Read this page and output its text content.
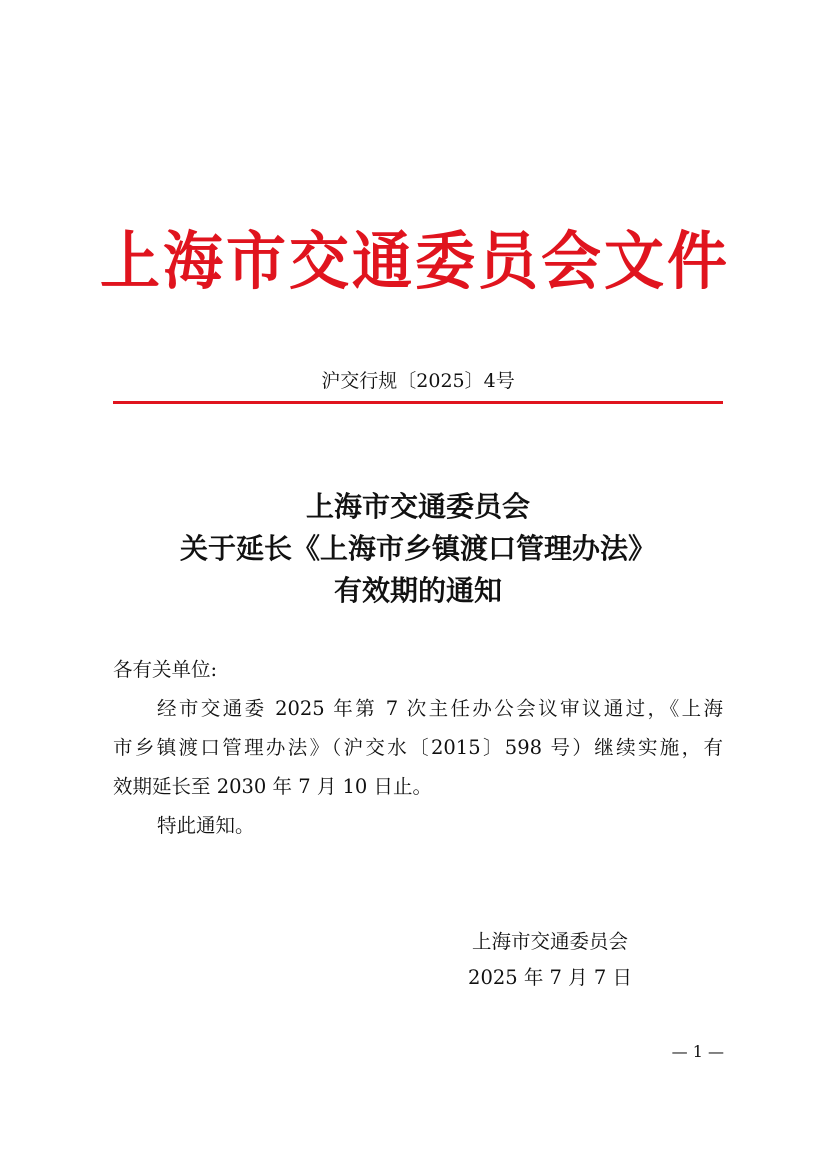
上海市交通委员会文件
沪交行规〔2025〕4号
上海市交通委员会
关于延长《上海市乡镇渡口管理办法》
有效期的通知
各有关单位:
经市交通委 2025 年第 7 次主任办公会议审议通过，《上海
市乡镇渡口管理办法》（沪交水〔2015〕598 号）继续实施，有
效期延长至 2030 年 7 月 10 日止。
特此通知。
上海市交通委员会
2025 年 7 月 7 日
— 1 —
